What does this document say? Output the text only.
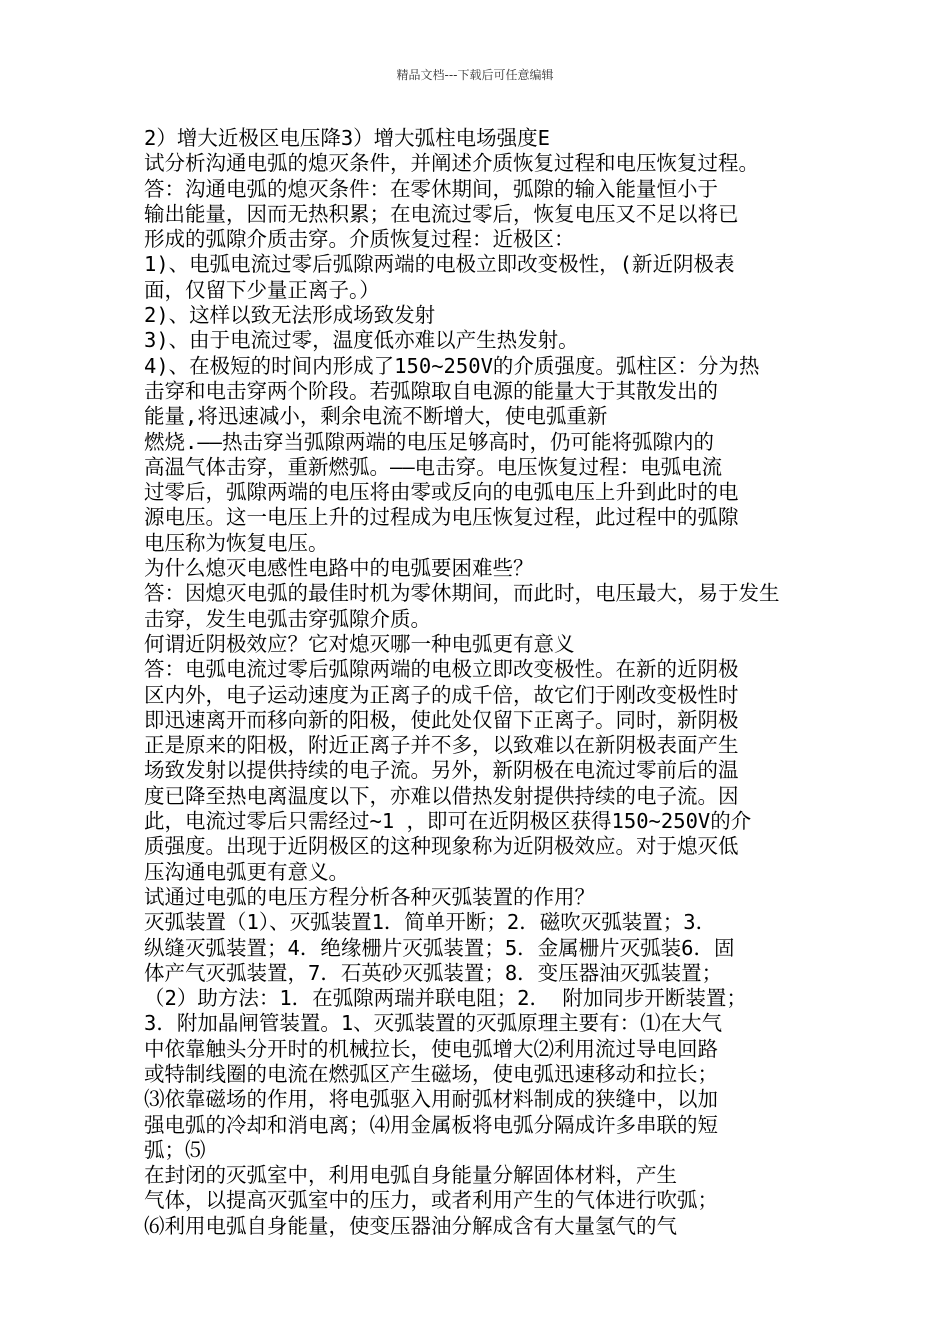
精品文档---下载后可任意编辑
2）增大近极区电压降3）增大弧柱电场强度E
试分析沟通电弧的熄灭条件，并阐述介质恢复过程和电压恢复过程。
答：沟通电弧的熄灭条件：在零休期间，弧隙的输入能量恒小于
输出能量，因而无热积累；在电流过零后，恢复电压又不足以将已
形成的弧隙介质击穿。介质恢复过程：近极区：
1)、电弧电流过零后弧隙两端的电极立即改变极性，(新近阴极表
面，仅留下少量正离子。）
2)、这样以致无法形成场致发射
3)、由于电流过零，温度低亦难以产生热发射。
4)、在极短的时间内形成了150~250V的介质强度。弧柱区：分为热
击穿和电击穿两个阶段。若弧隙取自电源的能量大于其散发出的
能量,将迅速减小，剩余电流不断增大，使电弧重新
燃烧.——热击穿当弧隙两端的电压足够高时，仍可能将弧隙内的
高温气体击穿，重新燃弧。——电击穿。电压恢复过程：电弧电流
过零后，弧隙两端的电压将由零或反向的电弧电压上升到此时的电
源电压。这一电压上升的过程成为电压恢复过程，此过程中的弧隙
电压称为恢复电压。
为什么熄灭电感性电路中的电弧要困难些？
答：因熄灭电弧的最佳时机为零休期间，而此时，电压最大，易于发生
击穿，发生电弧击穿弧隙介质。
何谓近阴极效应？它对熄灭哪一种电弧更有意义
答：电弧电流过零后弧隙两端的电极立即改变极性。在新的近阴极
区内外，电子运动速度为正离子的成千倍，故它们于刚改变极性时
即迅速离开而移向新的阳极，使此处仅留下正离子。同时，新阴极
正是原来的阳极，附近正离子并不多，以致难以在新阴极表面产生
场致发射以提供持续的电子流。另外，新阴极在电流过零前后的温
度已降至热电离温度以下，亦难以借热发射提供持续的电子流。因
此，电流过零后只需经过~1 ，即可在近阴极区获得150~250V的介
质强度。出现于近阴极区的这种现象称为近阴极效应。对于熄灭低
压沟通电弧更有意义。
试通过电弧的电压方程分析各种灭弧装置的作用？
灭弧装置（1）、灭弧装置1．简单开断；2．磁吹灭弧装置；3．
纵缝灭弧装置；4．绝缘栅片灭弧装置；5．金属栅片灭弧装6．固
体产气灭弧装置，7．石英砂灭弧装置；8．变压器油灭弧装置；
（2）助方法：1．在弧隙两瑞并联电阻；2． 附加同步开断装置；
3．附加晶闸管装置。1、灭弧装置的灭弧原理主要有：⑴在大气
中依靠触头分开时的机械拉长，使电弧增大⑵利用流过导电回路
或特制线圈的电流在燃弧区产生磁场，使电弧迅速移动和拉长；
⑶依靠磁场的作用，将电弧驱入用耐弧材料制成的狭缝中，以加
强电弧的冷却和消电离；⑷用金属板将电弧分隔成许多串联的短
弧；⑸
在封闭的灭弧室中，利用电弧自身能量分解固体材料，产生
气体，以提高灭弧室中的压力，或者利用产生的气体进行吹弧；
⑹利用电弧自身能量，使变压器油分解成含有大量氢气的气
